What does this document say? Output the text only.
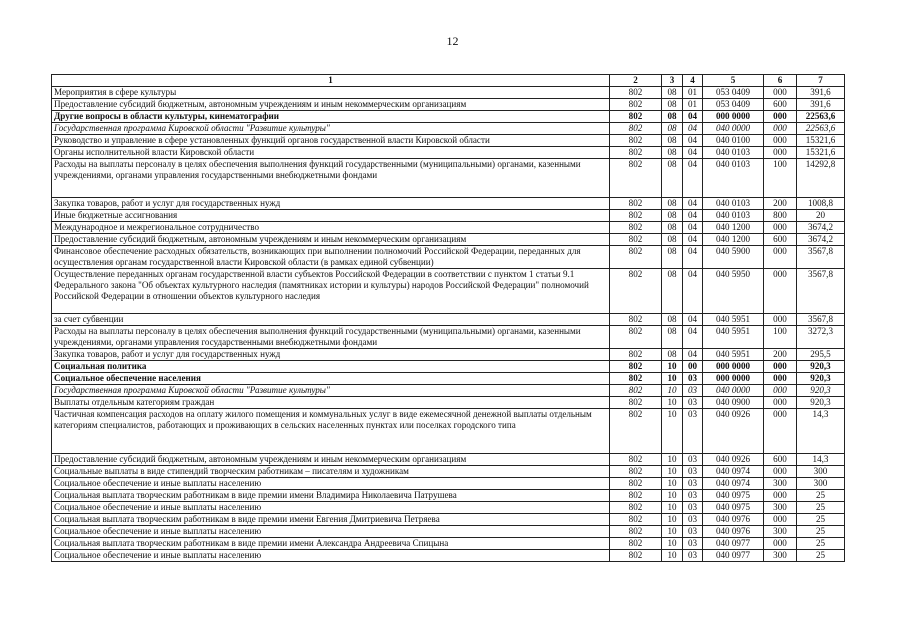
12
1	2	3	4	5	6	7
Мероприятия в сфере культуры	802	08	01	053 0409	000	391,6
Предоставление субсидий бюджетным, автономным учреждениям и иным некоммерческим организациям	802	08	01	053 0409	600	391,6
Другие вопросы в области культуры, кинематографии	802	08	04	000 0000	000	22563,6
Государственная программа Кировской области "Развитие культуры"	802	08	04	040 0000	000	22563,6
Руководство и управление в сфере установленных функций органов государственной власти Кировской области	802	08	04	040 0100	000	15321,6
Органы исполнительной власти Кировской области	802	08	04	040 0103	000	15321,6
Расходы на выплаты персоналу в целях обеспечения выполнения функций государственными (муниципальными) органами, казенными учреждениями, органами управления государственными внебюджетными фондами	802	08	04	040 0103	100	14292,8
Закупка товаров, работ и услуг для государственных нужд	802	08	04	040 0103	200	1008,8
Иные бюджетные ассигнования	802	08	04	040 0103	800	20
Международное и межрегиональное сотрудничество	802	08	04	040 1200	000	3674,2
Предоставление субсидий бюджетным, автономным учреждениям и иным некоммерческим организациям	802	08	04	040 1200	600	3674,2
Финансовое обеспечение расходных обязательств, возникающих при выполнении полномочий Российской Федерации, переданных для осуществления органам государственной власти Кировской области (в рамках единой субвенции)	802	08	04	040 5900	000	3567,8
Осуществление переданных органам государственной власти субъектов Российской Федерации в соответствии с пунктом 1 статьи 9.1 Федерального закона "Об объектах культурного наследия (памятниках истории и культуры) народов Российской Федерации" полномочий Российской Федерации в отношении объектов культурного наследия	802	08	04	040 5950	000	3567,8
за счет субвенции	802	08	04	040 5951	000	3567,8
Расходы на выплаты персоналу в целях обеспечения выполнения функций государственными (муниципальными) органами, казенными учреждениями, органами управления государственными внебюджетными фондами	802	08	04	040 5951	100	3272,3
Закупка товаров, работ и услуг для государственных нужд	802	08	04	040 5951	200	295,5
Социальная политика	802	10	00	000 0000	000	920,3
Социальное обеспечение населения	802	10	03	000 0000	000	920,3
Государственная программа Кировской области "Развитие культуры"	802	10	03	040 0000	000	920,3
Выплаты отдельным категориям граждан	802	10	03	040 0900	000	920,3
Частичная компенсация расходов на оплату жилого помещения и коммунальных услуг в виде ежемесячной денежной выплаты отдельным категориям специалистов, работающих и проживающих в сельских населенных пунктах или поселках городского типа	802	10	03	040 0926	000	14,3
Предоставление субсидий бюджетным, автономным учреждениям и иным некоммерческим организациям	802	10	03	040 0926	600	14,3
Социальные выплаты в виде стипендий творческим работникам – писателям и художникам	802	10	03	040 0974	000	300
Социальное обеспечение и иные выплаты населению	802	10	03	040 0974	300	300
Социальная выплата творческим работникам в виде премии имени Владимира Николаевича Патрушева	802	10	03	040 0975	000	25
Социальное обеспечение и иные выплаты населению	802	10	03	040 0975	300	25
Социальная выплата творческим работникам в виде премии имени Евгения Дмитриевича Петряева	802	10	03	040 0976	000	25
Социальное обеспечение и иные выплаты населению	802	10	03	040 0976	300	25
Социальная выплата творческим работникам в виде премии имени Александра Андреевича Спицына	802	10	03	040 0977	000	25
Социальное обеспечение и иные выплаты населению	802	10	03	040 0977	300	25
